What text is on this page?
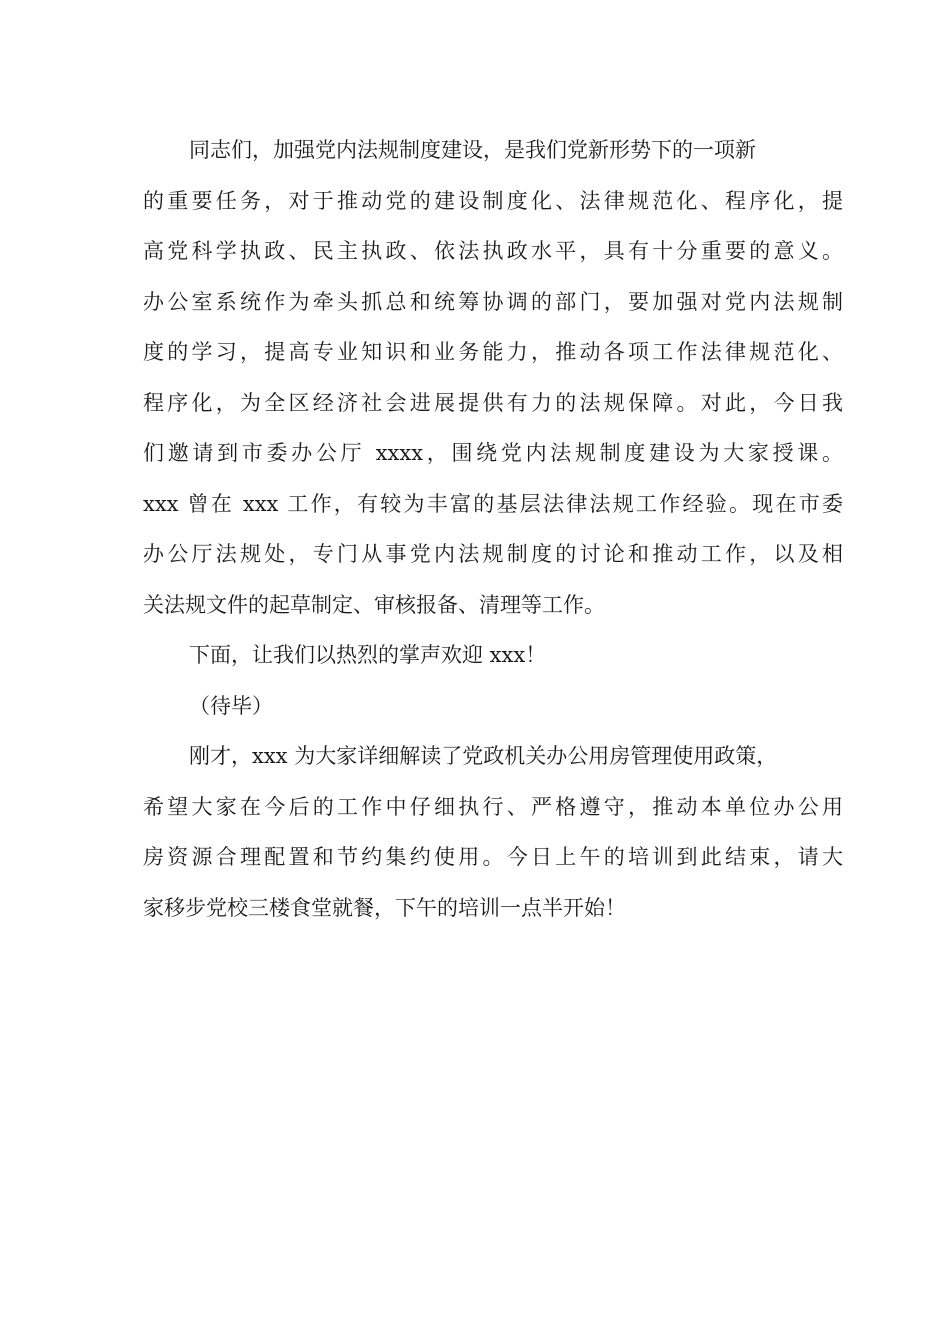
同志们，加强党内法规制度建设，是我们党新形势下的一项新
的重要任务，对于推动党的建设制度化、法律规范化、程序化，提
高党科学执政、民主执政、依法执政水平，具有十分重要的意义。
办公室系统作为牵头抓总和统筹协调的部门，要加强对党内法规制
度的学习，提高专业知识和业务能力，推动各项工作法律规范化、
程序化，为全区经济社会进展提供有力的法规保障。对此，今日我
们邀请到市委办公厅 xxxx，围绕党内法规制度建设为大家授课。
xxx 曾在 xxx 工作，有较为丰富的基层法律法规工作经验。现在市委
办公厅法规处，专门从事党内法规制度的讨论和推动工作，以及相
关法规文件的起草制定、审核报备、清理等工作。
下面，让我们以热烈的掌声欢迎 xxx！
（待毕）
刚才，xxx 为大家详细解读了党政机关办公用房管理使用政策，
希望大家在今后的工作中仔细执行、严格遵守，推动本单位办公用
房资源合理配置和节约集约使用。今日上午的培训到此结束，请大
家移步党校三楼食堂就餐，下午的培训一点半开始！
